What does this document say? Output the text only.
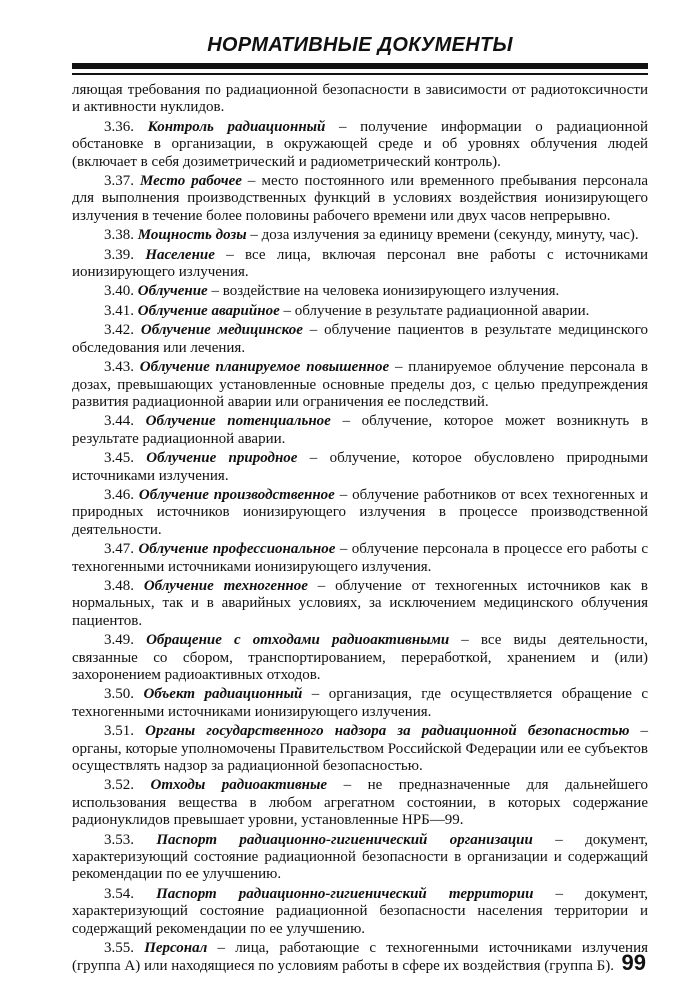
НОРМАТИВНЫЕ ДОКУМЕНТЫ

ляющая требования по радиационной безопасности в зависимости от радиотоксичности и активности нуклидов.

3.36. Контроль радиационный – получение информации о радиационной обстановке в организации, в окружающей среде и об уровнях облучения людей (включает в себя дозиметрический и радиометрический контроль).

3.37. Место рабочее – место постоянного или временного пребывания персонала для выполнения производственных функций в условиях воздействия ионизирующего излучения в течение более половины рабочего времени или двух часов непрерывно.

3.38. Мощность дозы – доза излучения за единицу времени (секунду, минуту, час).

3.39. Население – все лица, включая персонал вне работы с источниками ионизирующего излучения.

3.40. Облучение – воздействие на человека ионизирующего излучения.

3.41. Облучение аварийное – облучение в результате радиационной аварии.

3.42. Облучение медицинское – облучение пациентов в результате медицинского обследования или лечения.

3.43. Облучение планируемое повышенное – планируемое облучение персонала в дозах, превышающих установленные основные пределы доз, с целью предупреждения развития радиационной аварии или ограничения ее последствий.

3.44. Облучение потенциальное – облучение, которое может возникнуть в результате радиационной аварии.

3.45. Облучение природное – облучение, которое обусловлено природными источниками излучения.

3.46. Облучение производственное – облучение работников от всех техногенных и природных источников ионизирующего излучения в процессе производственной деятельности.

3.47. Облучение профессиональное – облучение персонала в процессе его работы с техногенными источниками ионизирующего излучения.

3.48. Облучение техногенное – облучение от техногенных источников как в нормальных, так и в аварийных условиях, за исключением медицинского облучения пациентов.

3.49. Обращение с отходами радиоактивными – все виды деятельности, связанные со сбором, транспортированием, переработкой, хранением и (или) захоронением радиоактивных отходов.

3.50. Объект радиационный – организация, где осуществляется обращение с техногенными источниками ионизирующего излучения.

3.51. Органы государственного надзора за радиационной безопасностью – органы, которые уполномочены Правительством Российской Федерации или ее субъектов осуществлять надзор за радиационной безопасностью.

3.52. Отходы радиоактивные – не предназначенные для дальнейшего использования вещества в любом агрегатном состоянии, в которых содержание радионуклидов превышает уровни, установленные НРБ—99.

3.53. Паспорт радиационно-гигиенический организации – документ, характеризующий состояние радиационной безопасности в организации и содержащий рекомендации по ее улучшению.

3.54. Паспорт радиационно-гигиенический территории – документ, характеризующий состояние радиационной безопасности населения территории и содержащий рекомендации по ее улучшению.

3.55. Персонал – лица, работающие с техногенными источниками излучения (группа А) или находящиеся по условиям работы в сфере их воздействия (группа Б). 99
